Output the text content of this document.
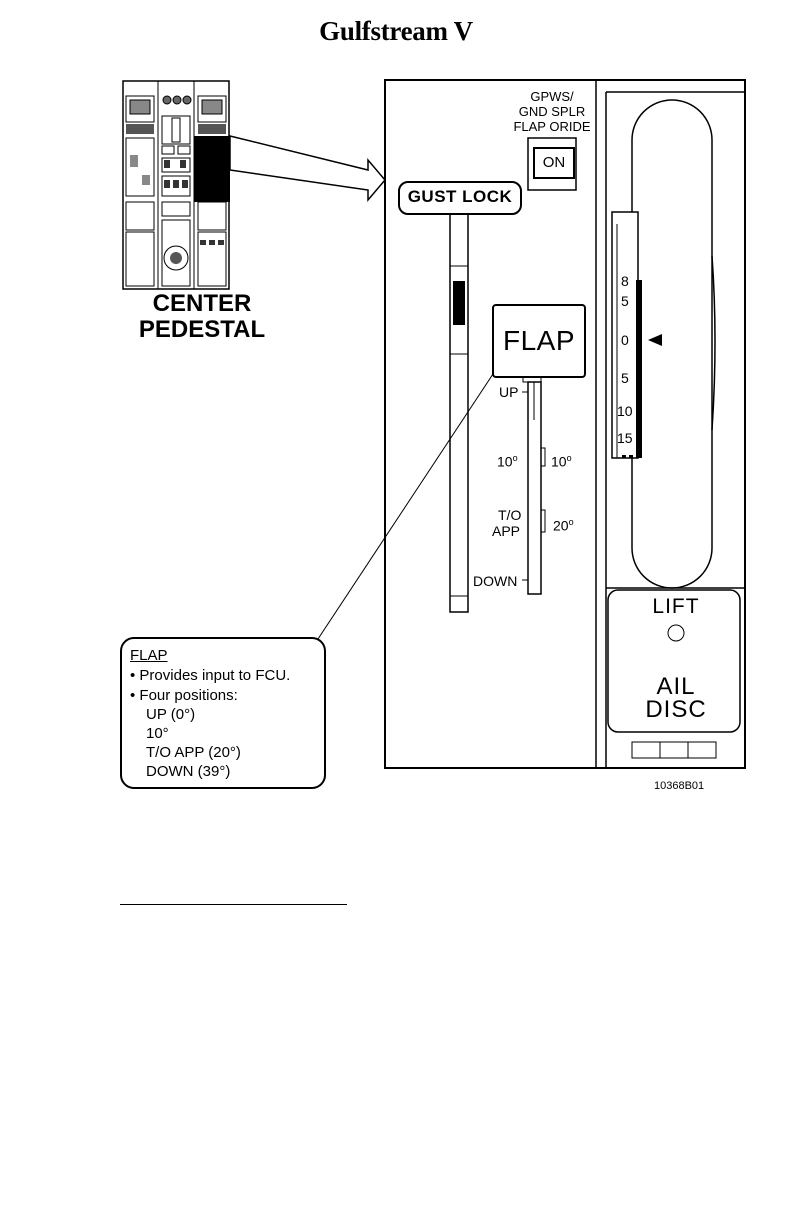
Gulfstream V
CENTER
PEDESTAL
GPWS/
GND SPLR
FLAP ORIDE
ON
GUST LOCK
FLAP
UP
10$^o$ 10$^o$
T/O
APP 20$^o$
DOWN
8
5
0
5
10
15
LIFT
AIL
DISC
10368B01
FLAP
• Provides input to FCU.
• Four positions:
UP (0°)
10°
T/O APP (20°)
DOWN (39°)
